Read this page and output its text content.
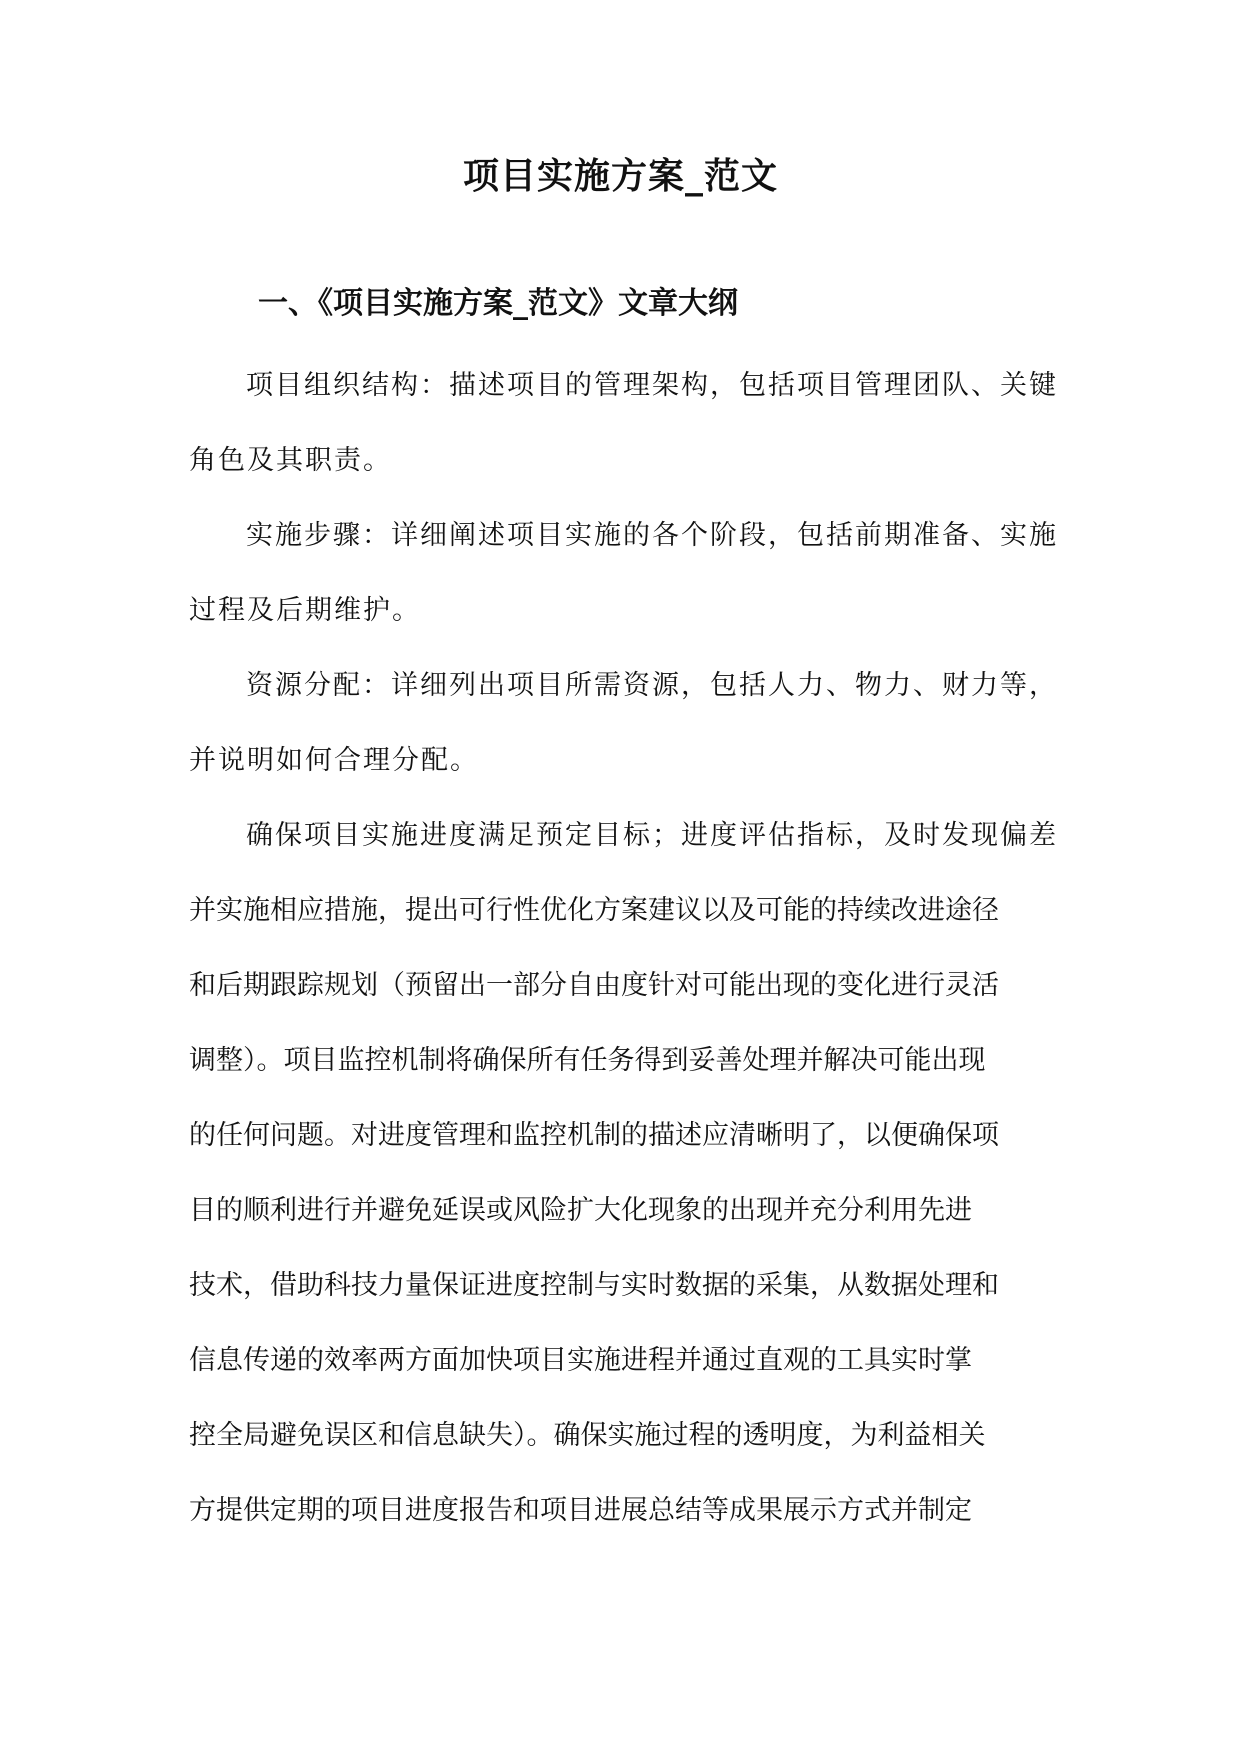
项目实施方案_范文
一、《项目实施方案_范文》文章大纲
项目组织结构：描述项目的管理架构，包括项目管理团队、关键
角色及其职责。
实施步骤：详细阐述项目实施的各个阶段，包括前期准备、实施
过程及后期维护。
资源分配：详细列出项目所需资源，包括人力、物力、财力等，
并说明如何合理分配。
确保项目实施进度满足预定目标；进度评估指标，及时发现偏差
并实施相应措施，提出可行性优化方案建议以及可能的持续改进途径
和后期跟踪规划（预留出一部分自由度针对可能出现的变化进行灵活
调整）。项目监控机制将确保所有任务得到妥善处理并解决可能出现
的任何问题。对进度管理和监控机制的描述应清晰明了，以便确保项
目的顺利进行并避免延误或风险扩大化现象的出现并充分利用先进
技术，借助科技力量保证进度控制与实时数据的采集，从数据处理和
信息传递的效率两方面加快项目实施进程并通过直观的工具实时掌
控全局避免误区和信息缺失）。确保实施过程的透明度，为利益相关
方提供定期的项目进度报告和项目进展总结等成果展示方式并制定
